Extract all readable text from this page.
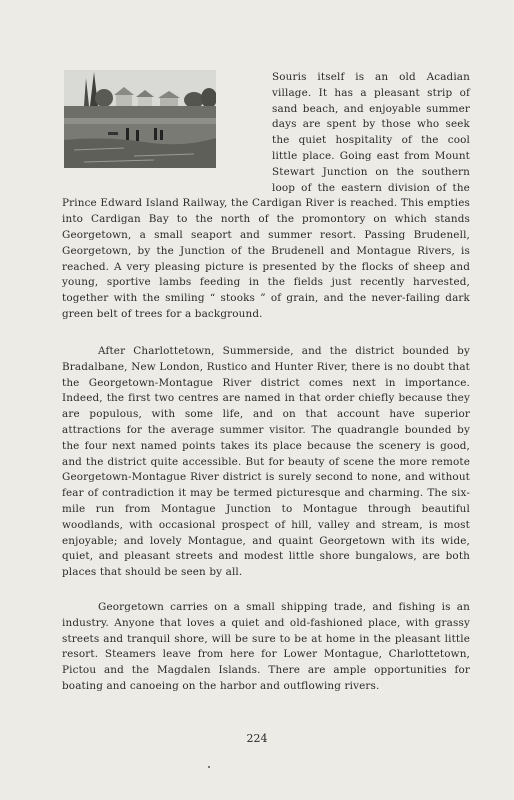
Souris itself is an old Acadian village. It has a pleasant strip of sand beach, and enjoyable summer days are spent by those who seek the quiet hospitality of the cool little place. Going east from Mount Stewart Junction on the southern loop of the eastern division of the Prince Edward Island Railway, the Cardigan River is reached. This empties into Cardigan Bay to the north of the promontory on which stands Georgetown, a small seaport and summer resort. Passing Brudenell, Georgetown, by the Junction of the Brudenell and Montague Rivers, is reached. A very pleasing picture is presented by the flocks of sheep and young, sportive lambs feeding in the fields just recently harvested, together with the smiling “ stooks ” of grain, and the never-failing dark green belt of trees for a background.

After Charlottetown, Summerside, and the district bounded by Bradalbane, New London, Rustico and Hunter River, there is no doubt that the Georgetown-Montague River district comes next in importance. Indeed, the first two centres are named in that order chiefly because they are populous, with some life, and on that account have superior attractions for the average summer visitor. The quadrangle bounded by the four next named points takes its place because the scenery is good, and the district quite accessible. But for beauty of scene the more remote Georgetown-Montague River district is surely second to none, and without fear of contradiction it may be termed picturesque and charming. The six-mile run from Montague Junction to Montague through beautiful woodlands, with occasional prospect of hill, valley and stream, is most enjoyable; and lovely Montague, and quaint Georgetown with its wide, quiet, and pleasant streets and modest little shore bungalows, are both places that should be seen by all.

Georgetown carries on a small shipping trade, and fishing is an industry. Anyone that loves a quiet and old-fashioned place, with grassy streets and tranquil shore, will be sure to be at home in the pleasant little resort. Steamers leave from here for Lower Montague, Charlottetown, Pictou and the Magdalen Islands. There are ample opportunities for boating and canoeing on the harbor and outflowing rivers.

224
